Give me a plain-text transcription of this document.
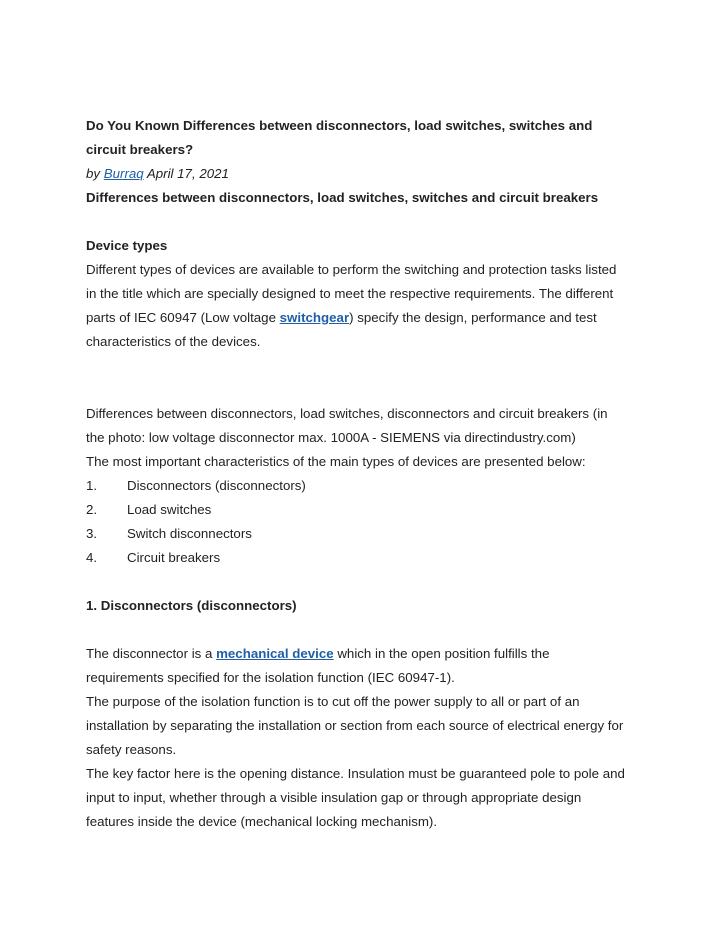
Do You Known Differences between disconnectors, load switches, switches and

circuit breakers?

by Burraq April 17, 2021

Differences between disconnectors, load switches, switches and circuit breakers

Device types

Different types of devices are available to perform the switching and protection tasks listed

in the title which are specially designed to meet the respective requirements. The different

parts of IEC 60947 (Low voltage switchgear) specify the design, performance and test

characteristics of the devices.

Differences between disconnectors, load switches, disconnectors and circuit breakers (in

the photo: low voltage disconnector max. 1000A - SIEMENS via directindustry.com)

The most important characteristics of the main types of devices are presented below:

1.	Disconnectors (disconnectors)
2.	Load switches
3.	Switch disconnectors
4.	Circuit breakers

1. Disconnectors (disconnectors)

The disconnector is a mechanical device which in the open position fulfills the

requirements specified for the isolation function (IEC 60947-1).

The purpose of the isolation function is to cut off the power supply to all or part of an

installation by separating the installation or section from each source of electrical energy for

safety reasons.

The key factor here is the opening distance. Insulation must be guaranteed pole to pole and

input to input, whether through a visible insulation gap or through appropriate design

features inside the device (mechanical locking mechanism).
